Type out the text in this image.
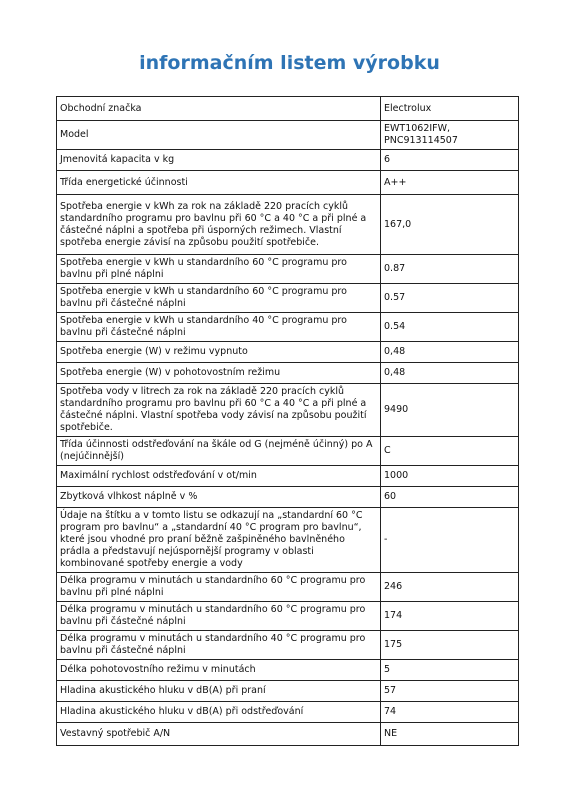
informačním listem výrobku
Obchodní značka	Electrolux
Model	EWT1062IFW, PNC913114507
Jmenovitá kapacita v kg	6
Třída energetické účinnosti	A++
Spotřeba energie v kWh za rok na základě 220 pracích cyklů standardního programu pro bavlnu při 60 °C a 40 °C a při plné a částečné náplni a spotřeba při úsporných režimech. Vlastní spotřeba energie závisí na způsobu použití spotřebiče.	167,0
Spotřeba energie v kWh u standardního 60 °C programu pro bavlnu při plné náplni	0.87
Spotřeba energie v kWh u standardního 60 °C programu pro bavlnu při částečné náplni	0.57
Spotřeba energie v kWh u standardního 40 °C programu pro bavlnu při částečné náplni	0.54
Spotřeba energie (W) v režimu vypnuto	0,48
Spotřeba energie (W) v pohotovostním režimu	0,48
Spotřeba vody v litrech za rok na základě 220 pracích cyklů standardního programu pro bavlnu při 60 °C a 40 °C a při plné a částečné náplni. Vlastní spotřeba vody závisí na způsobu použití spotřebiče.	9490
Třída účinnosti odstřeďování na škále od G (nejméně účinný) po A (nejúčinnější)	C
Maximální rychlost odstřeďování v ot/min	1000
Zbytková vlhkost náplně v %	60
Údaje na štítku a v tomto listu se odkazují na „standardní 60 °C program pro bavlnu“ a „standardní 40 °C program pro bavlnu“, které jsou vhodné pro praní běžně zašpiněného bavlněného prádla a představují nejúspornější programy v oblasti kombinované spotřeby energie a vody	-
Délka programu v minutách u standardního 60 °C programu pro bavlnu při plné náplni	246
Délka programu v minutách u standardního 60 °C programu pro bavlnu při částečné náplni	174
Délka programu v minutách u standardního 40 °C programu pro bavlnu při částečné náplni	175
Délka pohotovostního režimu v minutách	5
Hladina akustického hluku v dB(A) při praní	57
Hladina akustického hluku v dB(A) při odstřeďování	74
Vestavný spotřebič A/N	NE
